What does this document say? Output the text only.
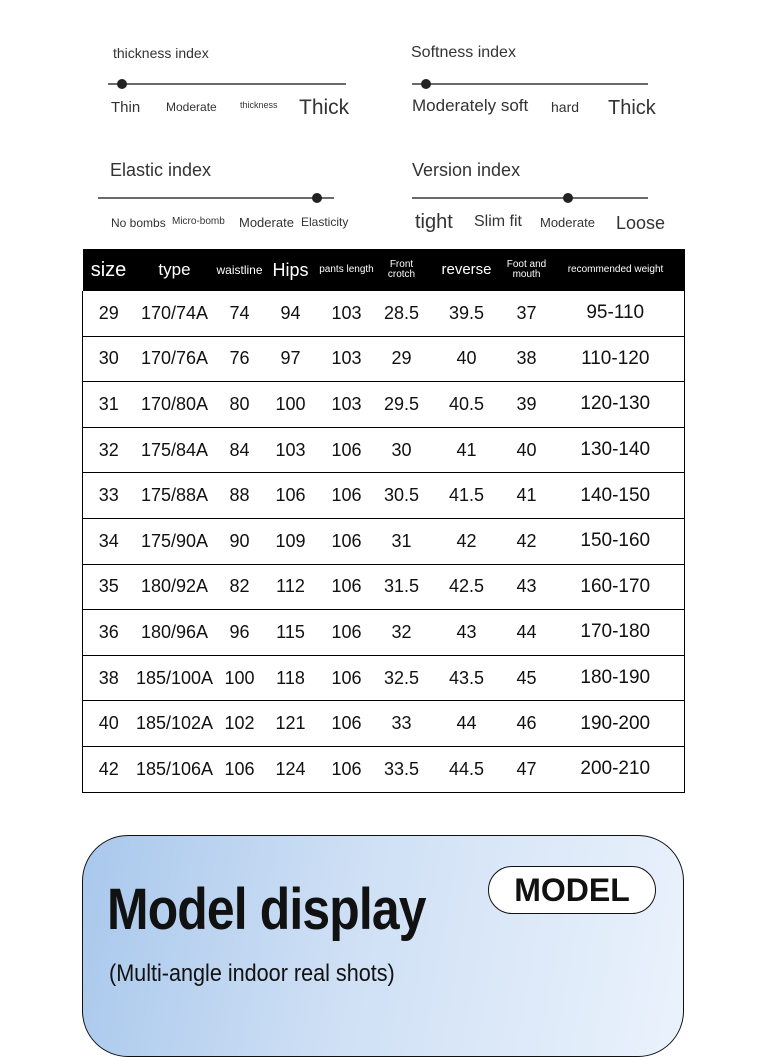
thickness index
Thin Moderate	thickness Thick
Softness index
Moderately soft hard Thick
Elastic index
No bombs Micro-bomb Moderate Elasticity
Version index
tight Slim fit Moderate Loose
size	type	waistline	Hips	pants length	Front crotch	reverse	Foot and mouth	recommended weight
29	170/74A	74	94	103	28.5	39.5	37	95-110
30	170/76A	76	97	103	29	40	38	110-120
31	170/80A	80	100	103	29.5	40.5	39	120-130
32	175/84A	84	103	106	30	41	40	130-140
33	175/88A	88	106	106	30.5	41.5	41	140-150
34	175/90A	90	109	106	31	42	42	150-160
35	180/92A	82	112	106	31.5	42.5	43	160-170
36	180/96A	96	115	106	32	43	44	170-180
38	185/100A	100	118	106	32.5	43.5	45	180-190
40	185/102A	102	121	106	33	44	46	190-200
42	185/106A	106	124	106	33.5	44.5	47	200-210
Model display
(Multi-angle indoor real shots)
MODEL
